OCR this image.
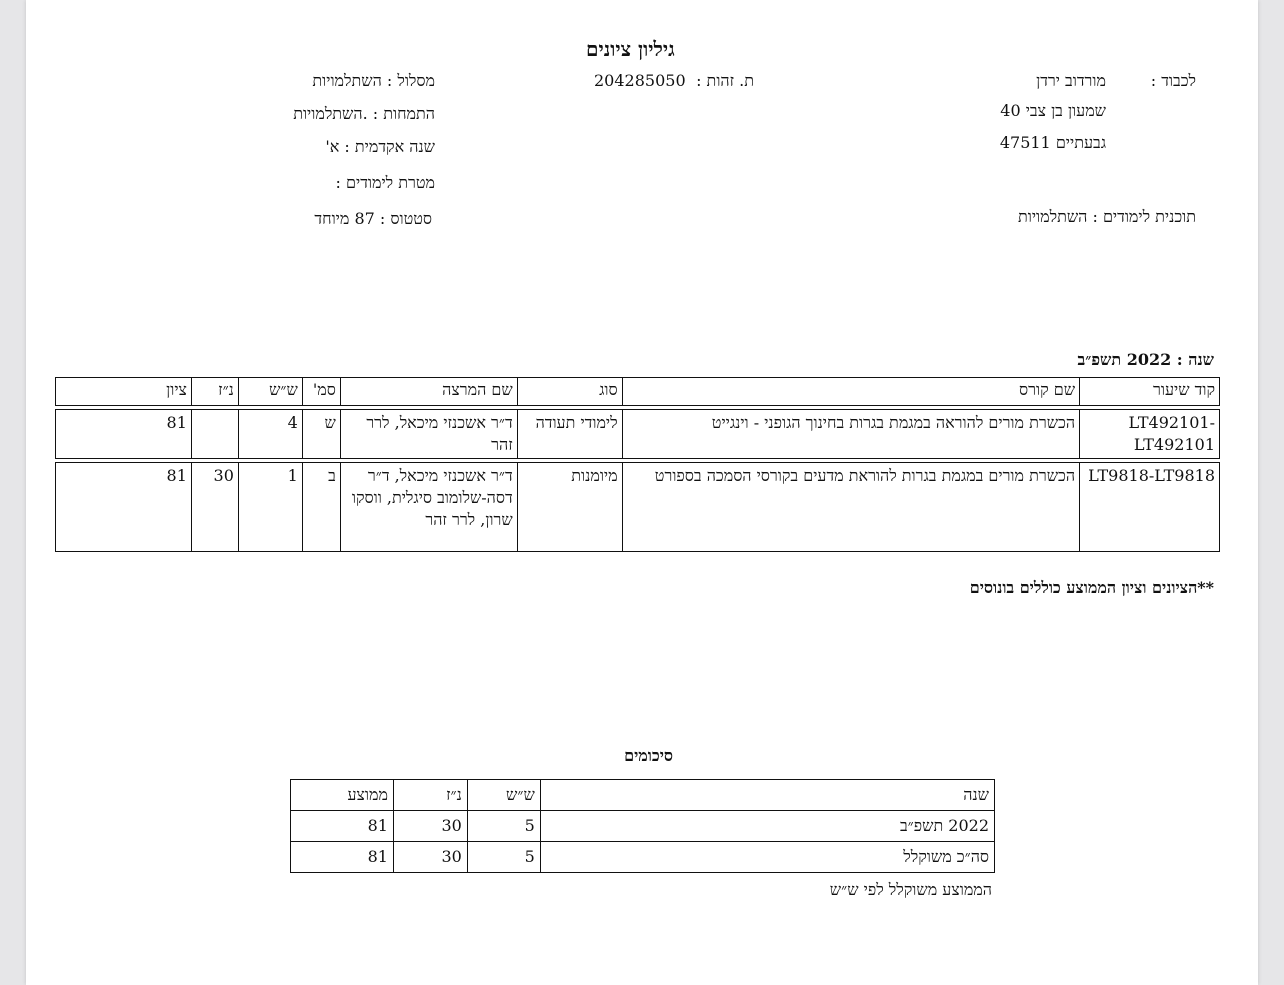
גיליון ציונים
לכבוד :
מורדוב ירדן
שמעון בן צבי 40
גבעתיים 47511
תוכנית לימודים : השתלמויות
ת. זהות :
204285050
מסלול : השתלמויות
התמחות : .השתלמויות
שנה אקדמית : א'
מטרת לימודים :
סטטוס : 87 מיוחד
שנה : 2022 תשפ״ב
קוד שיעור	שם קורס	סוג	שם המרצה	סמ'	ש״ש	נ״ז	ציון

LT492101-LT492101	הכשרת מורים להוראה במגמת בגרות בחינוך הגופני - וינגייט	לימודי תעודה	ד״ר אשכנזי מיכאל, לרר זהר	ש	4		81

LT9818-LT9818	הכשרת מורים במגמת בגרות להוראת מדעים בקורסי הסמכה בספורט	מיומנות	ד״ר אשכנזי מיכאל, ד״ר דסה-שלומוב סיגלית, ווסקו שרון, לרר זהר	ב	1	30	81
**הציונים וציון הממוצע כוללים בונוסים
סיכומים
שנה	ש״ש	נ״ז	ממוצע
2022 תשפ״ב	5	30	81
סה״כ משוקלל	5	30	81
הממוצע משוקלל לפי ש״ש
